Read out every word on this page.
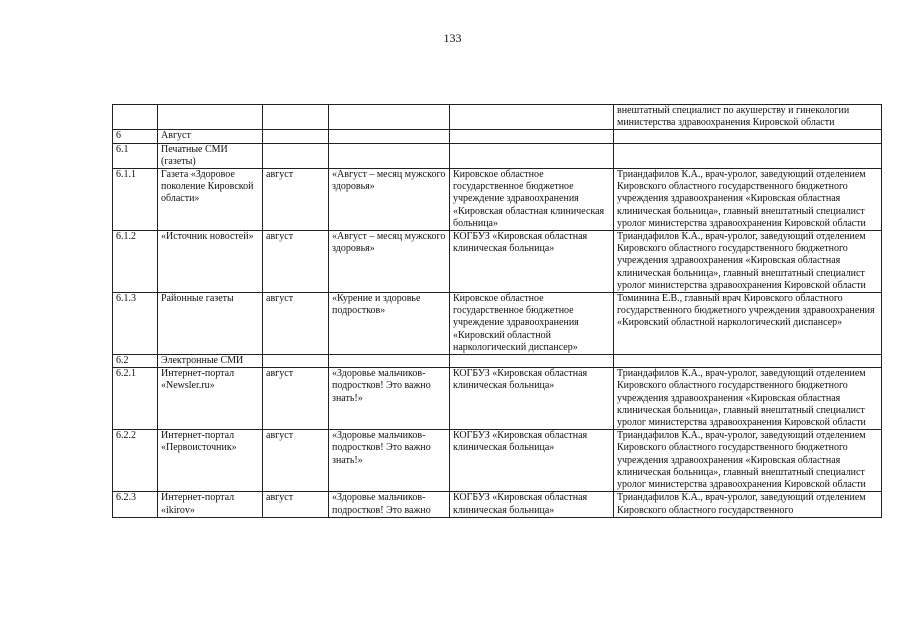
133
					внештатный специалист по акушерству и гинекологии министерства здравоохранения Кировской области
6	Август				
6.1	Печатные СМИ (газеты)				
6.1.1	Газета «Здоровое поколение Кировской области»	август	«Август – месяц мужского здоровья»	Кировское областное государственное бюджетное учреждение здравоохранения «Кировская областная клиническая больница»	Триандафилов К.А., врач-уролог, заведующий отделением Кировского областного государственного бюджетного учреждения здравоохранения «Кировская областная клиническая больница», главный внештатный специалист уролог министерства здравоохранения Кировской области
6.1.2	«Источник новостей»	август	«Август – месяц мужского здоровья»	КОГБУЗ «Кировская областная клиническая больница»	Триандафилов К.А., врач-уролог, заведующий отделением Кировского областного государственного бюджетного учреждения здравоохранения «Кировская областная клиническая больница», главный внештатный специалист уролог министерства здравоохранения Кировской области
6.1.3	Районные газеты	август	«Курение и здоровье подростков»	Кировское областное государственное бюджетное учреждение здравоохранения «Кировский областной наркологический диспансер»	Томинина Е.В., главный врач Кировского областного государственного бюджетного учреждения здравоохранения «Кировский областной наркологический диспансер»
6.2	Электронные СМИ				
6.2.1	Интернет-портал «Newsler.ru»	август	«Здоровье мальчиков-подростков! Это важно знать!»	КОГБУЗ «Кировская областная клиническая больница»	Триандафилов К.А., врач-уролог, заведующий отделением Кировского областного государственного бюджетного учреждения здравоохранения «Кировская областная клиническая больница», главный внештатный специалист уролог министерства здравоохранения Кировской области
6.2.2	Интернет-портал «Первоисточник»	август	«Здоровье мальчиков-подростков! Это важно знать!»	КОГБУЗ «Кировская областная клиническая больница»	Триандафилов К.А., врач-уролог, заведующий отделением Кировского областного государственного бюджетного учреждения здравоохранения «Кировская областная клиническая больница», главный внештатный специалист уролог министерства здравоохранения Кировской области
6.2.3	Интернет-портал «ikirov»	август	«Здоровье мальчиков-подростков! Это важно	КОГБУЗ «Кировская областная клиническая больница»	Триандафилов К.А., врач-уролог, заведующий отделением Кировского областного государственного
